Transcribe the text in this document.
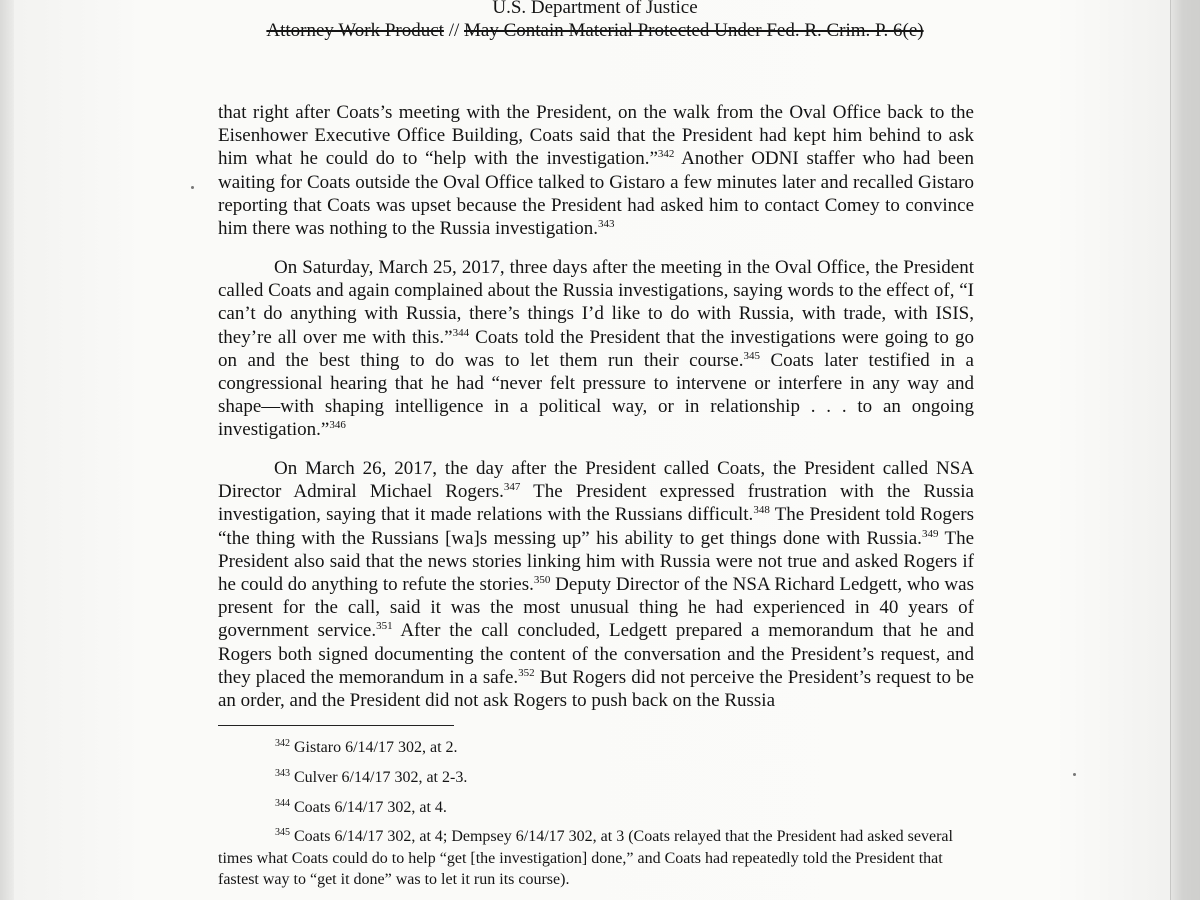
U.S. Department of Justice
Attorney Work Product // May Contain Material Protected Under Fed. R. Crim. P. 6(e)

that right after Coats’s meeting with the President, on the walk from the Oval Office back to the Eisenhower Executive Office Building, Coats said that the President had kept him behind to ask him what he could do to “help with the investigation.”$^{342}$ Another ODNI staffer who had been waiting for Coats outside the Oval Office talked to Gistaro a few minutes later and recalled Gistaro reporting that Coats was upset because the President had asked him to contact Comey to convince him there was nothing to the Russia investigation.$^{343}$

On Saturday, March 25, 2017, three days after the meeting in the Oval Office, the President called Coats and again complained about the Russia investigations, saying words to the effect of, “I can’t do anything with Russia, there’s things I’d like to do with Russia, with trade, with ISIS, they’re all over me with this.”$^{344}$ Coats told the President that the investigations were going to go on and the best thing to do was to let them run their course.$^{345}$ Coats later testified in a congressional hearing that he had “never felt pressure to intervene or interfere in any way and shape—with shaping intelligence in a political way, or in relationship . . . to an ongoing investigation.”$^{346}$

On March 26, 2017, the day after the President called Coats, the President called NSA Director Admiral Michael Rogers.$^{347}$ The President expressed frustration with the Russia investigation, saying that it made relations with the Russians difficult.$^{348}$ The President told Rogers “the thing with the Russians [wa]s messing up” his ability to get things done with Russia.$^{349}$ The President also said that the news stories linking him with Russia were not true and asked Rogers if he could do anything to refute the stories.$^{350}$ Deputy Director of the NSA Richard Ledgett, who was present for the call, said it was the most unusual thing he had experienced in 40 years of government service.$^{351}$ After the call concluded, Ledgett prepared a memorandum that he and Rogers both signed documenting the content of the conversation and the President’s request, and they placed the memorandum in a safe.$^{352}$ But Rogers did not perceive the President’s request to be an order, and the President did not ask Rogers to push back on the Russia

$^{342}$ Gistaro 6/14/17 302, at 2.
$^{343}$ Culver 6/14/17 302, at 2-3.
$^{344}$ Coats 6/14/17 302, at 4.
$^{345}$ Coats 6/14/17 302, at 4; Dempsey 6/14/17 302, at 3 (Coats relayed that the President had asked several times what Coats could do to help “get [the investigation] done,” and Coats had repeatedly told the President that fastest way to “get it done” was to let it run its course).
